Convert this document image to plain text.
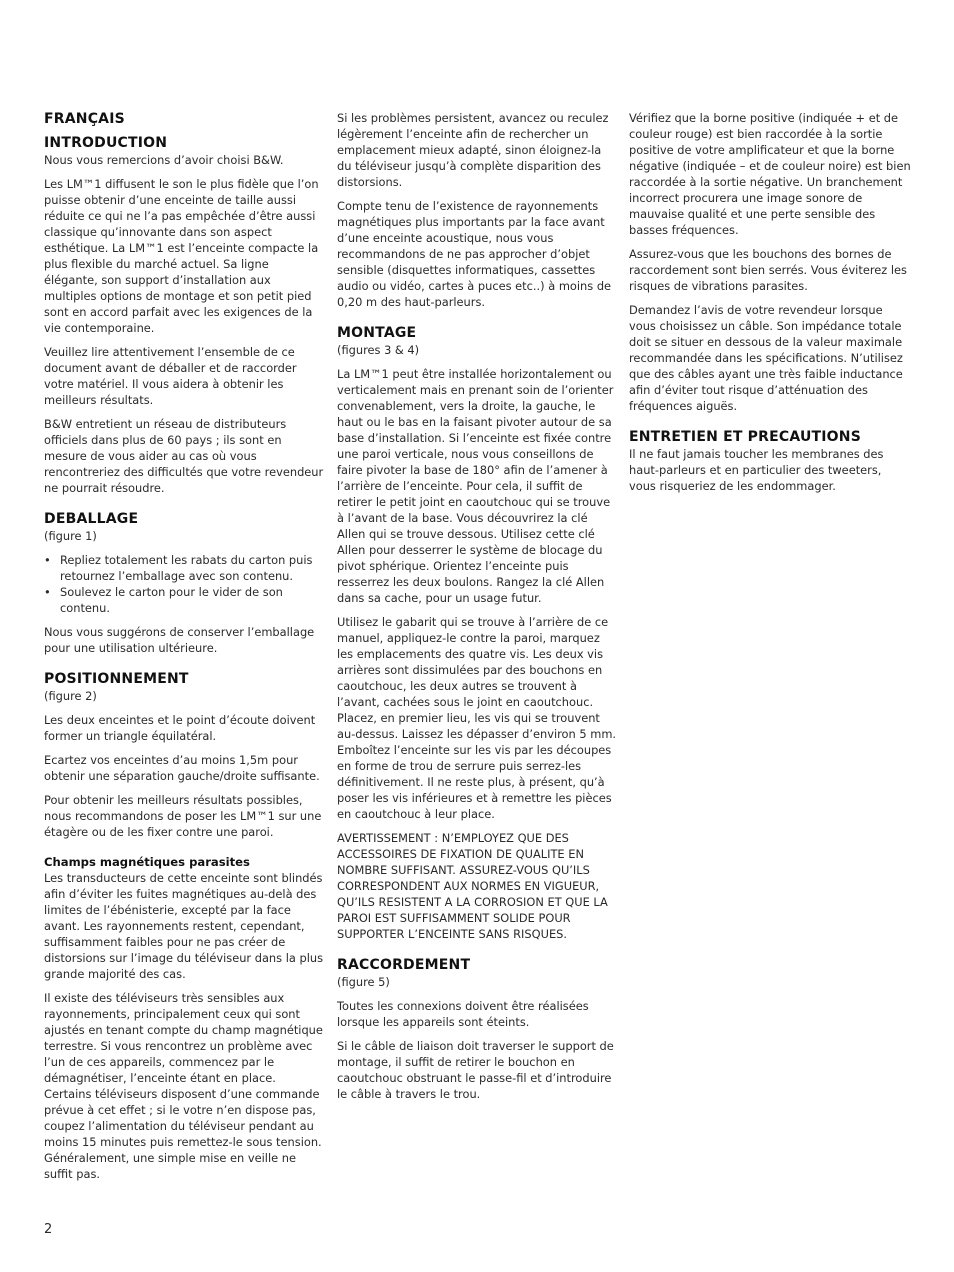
FRANÇAIS
INTRODUCTION

Nous vous remercions d’avoir choisi B&W.

Les LM™1 diffusent le son le plus fidèle que l’on puisse obtenir d’une enceinte de taille aussi réduite ce qui ne l’a pas empêchée d’être aussi classique qu’innovante dans son aspect esthétique. La LM™1 est l’enceinte compacte la plus flexible du marché actuel. Sa ligne élégante, son support d’installation aux multiples options de montage et son petit pied sont en accord parfait avec les exigences de la vie contemporaine.

Veuillez lire attentivement l’ensemble de ce document avant de déballer et de raccorder votre matériel. Il vous aidera à obtenir les meilleurs résultats.

B&W entretient un réseau de distributeurs officiels dans plus de 60 pays ; ils sont en mesure de vous aider au cas où vous rencontreriez des difficultés que votre revendeur ne pourrait résoudre.

DEBALLAGE
(figure 1)
• Repliez totalement les rabats du carton puis retournez l’emballage avec son contenu.
• Soulevez le carton pour le vider de son contenu.

Nous vous suggérons de conserver l’emballage pour une utilisation ultérieure.

POSITIONNEMENT
(figure 2)

Les deux enceintes et le point d’écoute doivent former un triangle équilatéral.

Ecartez vos enceintes d’au moins 1,5m pour obtenir une séparation gauche/droite suffisante.

Pour obtenir les meilleurs résultats possibles, nous recommandons de poser les LM™1 sur une étagère ou de les fixer contre une paroi.

Champs magnétiques parasites

Les transducteurs de cette enceinte sont blindés afin d’éviter les fuites magnétiques au-delà des limites de l’ébénisterie, excepté par la face avant. Les rayonnements restent, cependant, suffisamment faibles pour ne pas créer de distorsions sur l’image du téléviseur dans la plus grande majorité des cas.

Il existe des téléviseurs très sensibles aux rayonnements, principalement ceux qui sont ajustés en tenant compte du champ magnétique terrestre. Si vous rencontrez un problème avec l’un de ces appareils, commencez par le démagnétiser, l’enceinte étant en place. Certains téléviseurs disposent d’une commande prévue à cet effet ; si le votre n’en dispose pas, coupez l’alimentation du téléviseur pendant au moins 15 minutes puis remettez-le sous tension. Généralement, une simple mise en veille ne suffit pas.

Si les problèmes persistent, avancez ou reculez légèrement l’enceinte afin de rechercher un emplacement mieux adapté, sinon éloignez-la du téléviseur jusqu’à complète disparition des distorsions.

Compte tenu de l’existence de rayonnements magnétiques plus importants par la face avant d’une enceinte acoustique, nous vous recommandons de ne pas approcher d’objet sensible (disquettes informatiques, cassettes audio ou vidéo, cartes à puces etc..) à moins de 0,20 m des haut-parleurs.

MONTAGE
(figures 3 & 4)

La LM™1 peut être installée horizontalement ou verticalement mais en prenant soin de l’orienter convenablement, vers la droite, la gauche, le haut ou le bas en la faisant pivoter autour de sa base d’installation. Si l’enceinte est fixée contre une paroi verticale, nous vous conseillons de faire pivoter la base de 180° afin de l’amener à l’arrière de l’enceinte. Pour cela, il suffit de retirer le petit joint en caoutchouc qui se trouve à l’avant de la base. Vous découvrirez la clé Allen qui se trouve dessous. Utilisez cette clé Allen pour desserrer le système de blocage du pivot sphérique. Orientez l’enceinte puis resserrez les deux boulons. Rangez la clé Allen dans sa cache, pour un usage futur.

Utilisez le gabarit qui se trouve à l’arrière de ce manuel, appliquez-le contre la paroi, marquez les emplacements des quatre vis. Les deux vis arrières sont dissimulées par des bouchons en caoutchouc, les deux autres se trouvent à l’avant, cachées sous le joint en caoutchouc. Placez, en premier lieu, les vis qui se trouvent au-dessus. Laissez les dépasser d’environ 5 mm. Emboîtez l’enceinte sur les vis par les découpes en forme de trou de serrure puis serrez-les définitivement. Il ne reste plus, à présent, qu’à poser les vis inférieures et à remettre les pièces en caoutchouc à leur place.

AVERTISSEMENT : N’EMPLOYEZ QUE DES ACCESSOIRES DE FIXATION DE QUALITE EN NOMBRE SUFFISANT. ASSUREZ-VOUS QU’ILS CORRESPONDENT AUX NORMES EN VIGUEUR, QU’ILS RESISTENT A LA CORROSION ET QUE LA PAROI EST SUFFISAMMENT SOLIDE POUR SUPPORTER L’ENCEINTE SANS RISQUES.

RACCORDEMENT
(figure 5)

Toutes les connexions doivent être réalisées lorsque les appareils sont éteints.

Si le câble de liaison doit traverser le support de montage, il suffit de retirer le bouchon en caoutchouc obstruant le passe-fil et d’introduire le câble à travers le trou.

Vérifiez que la borne positive (indiquée + et de couleur rouge) est bien raccordée à la sortie positive de votre amplificateur et que la borne négative (indiquée – et de couleur noire) est bien raccordée à la sortie négative. Un branchement incorrect procurera une image sonore de mauvaise qualité et une perte sensible des basses fréquences.

Assurez-vous que les bouchons des bornes de raccordement sont bien serrés. Vous éviterez les risques de vibrations parasites.

Demandez l’avis de votre revendeur lorsque vous choisissez un câble. Son impédance totale doit se situer en dessous de la valeur maximale recommandée dans les spécifications. N’utilisez que des câbles ayant une très faible inductance afin d’éviter tout risque d’atténuation des fréquences aiguës.

ENTRETIEN ET PRECAUTIONS

Il ne faut jamais toucher les membranes des haut-parleurs et en particulier des tweeters, vous risqueriez de les endommager.

2
